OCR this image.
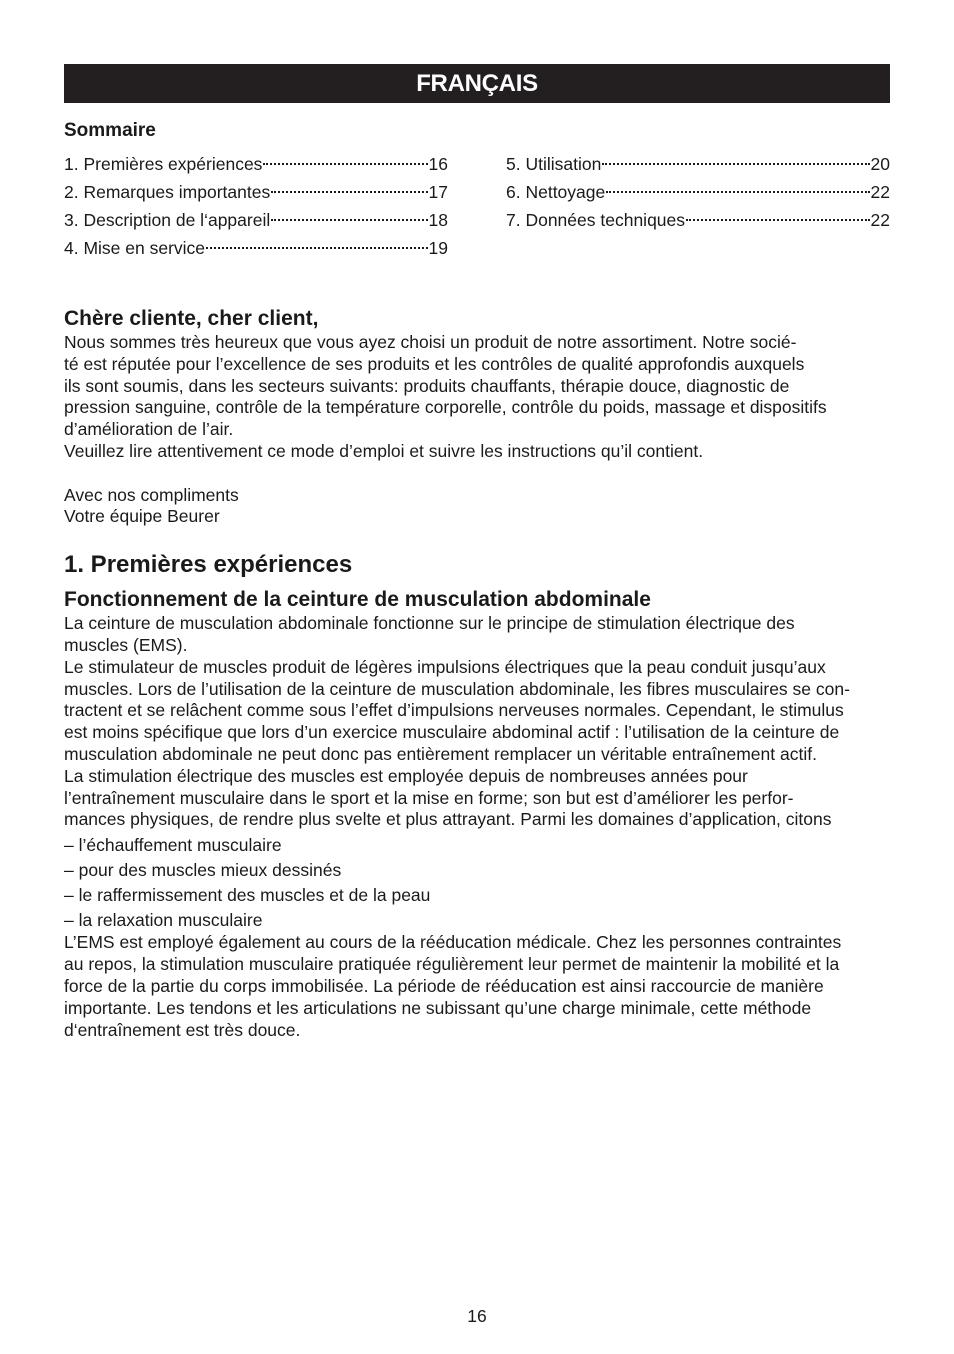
FRANÇAIS
Sommaire
1. Premières expériences	16
2. Remarques importantes	17
3. Description de l‘appareil	18
4. Mise en service	19
5. Utilisation	20
6. Nettoyage	22
7. Données techniques	22
Chère cliente, cher client,

Nous sommes très heureux que vous ayez choisi un produit de notre assortiment. Notre socié-
té est réputée pour l’excellence de ses produits et les contrôles de qualité approfondis auxquels
ils sont soumis, dans les secteurs suivants: produits chauffants, thérapie douce, diagnostic de
pression sanguine, contrôle de la température corporelle, contrôle du poids, massage et dispositifs
d’amélioration de l’air.
Veuillez lire attentivement ce mode d’emploi et suivre les instructions qu’il contient.

Avec nos compliments
Votre équipe Beurer

1. Premières expériences
Fonctionnement de la ceinture de musculation abdominale

La ceinture de musculation abdominale fonctionne sur le principe de stimulation électrique des
muscles (EMS).
Le stimulateur de muscles produit de légères impulsions électriques que la peau conduit jusqu’aux
muscles. Lors de l’utilisation de la ceinture de musculation abdominale, les fibres musculaires se con-
tractent et se relâchent comme sous l’effet d’impulsions nerveuses normales. Cependant, le stimulus
est moins spécifique que lors d’un exercice musculaire abdominal actif : l’utilisation de la ceinture de
musculation abdominale ne peut donc pas entièrement remplacer un véritable entraînement actif.
La stimulation électrique des muscles est employée depuis de nombreuses années pour
l’entraînement musculaire dans le sport et la mise en forme; son but est d’améliorer les perfor-
mances physiques, de rendre plus svelte et plus attrayant. Parmi les domaines d’application, citons

– l’échauffement musculaire
– pour des muscles mieux dessinés
– le raffermissement des muscles et de la peau
– la relaxation musculaire

L’EMS est employé également au cours de la rééducation médicale. Chez les personnes contraintes
au repos, la stimulation musculaire pratiquée régulièrement leur permet de maintenir la mobilité et la
force de la partie du corps immobilisée. La période de rééducation est ainsi raccourcie de manière
importante. Les tendons et les articulations ne subissant qu’une charge minimale, cette méthode
d‘entraînement est très douce.

16
